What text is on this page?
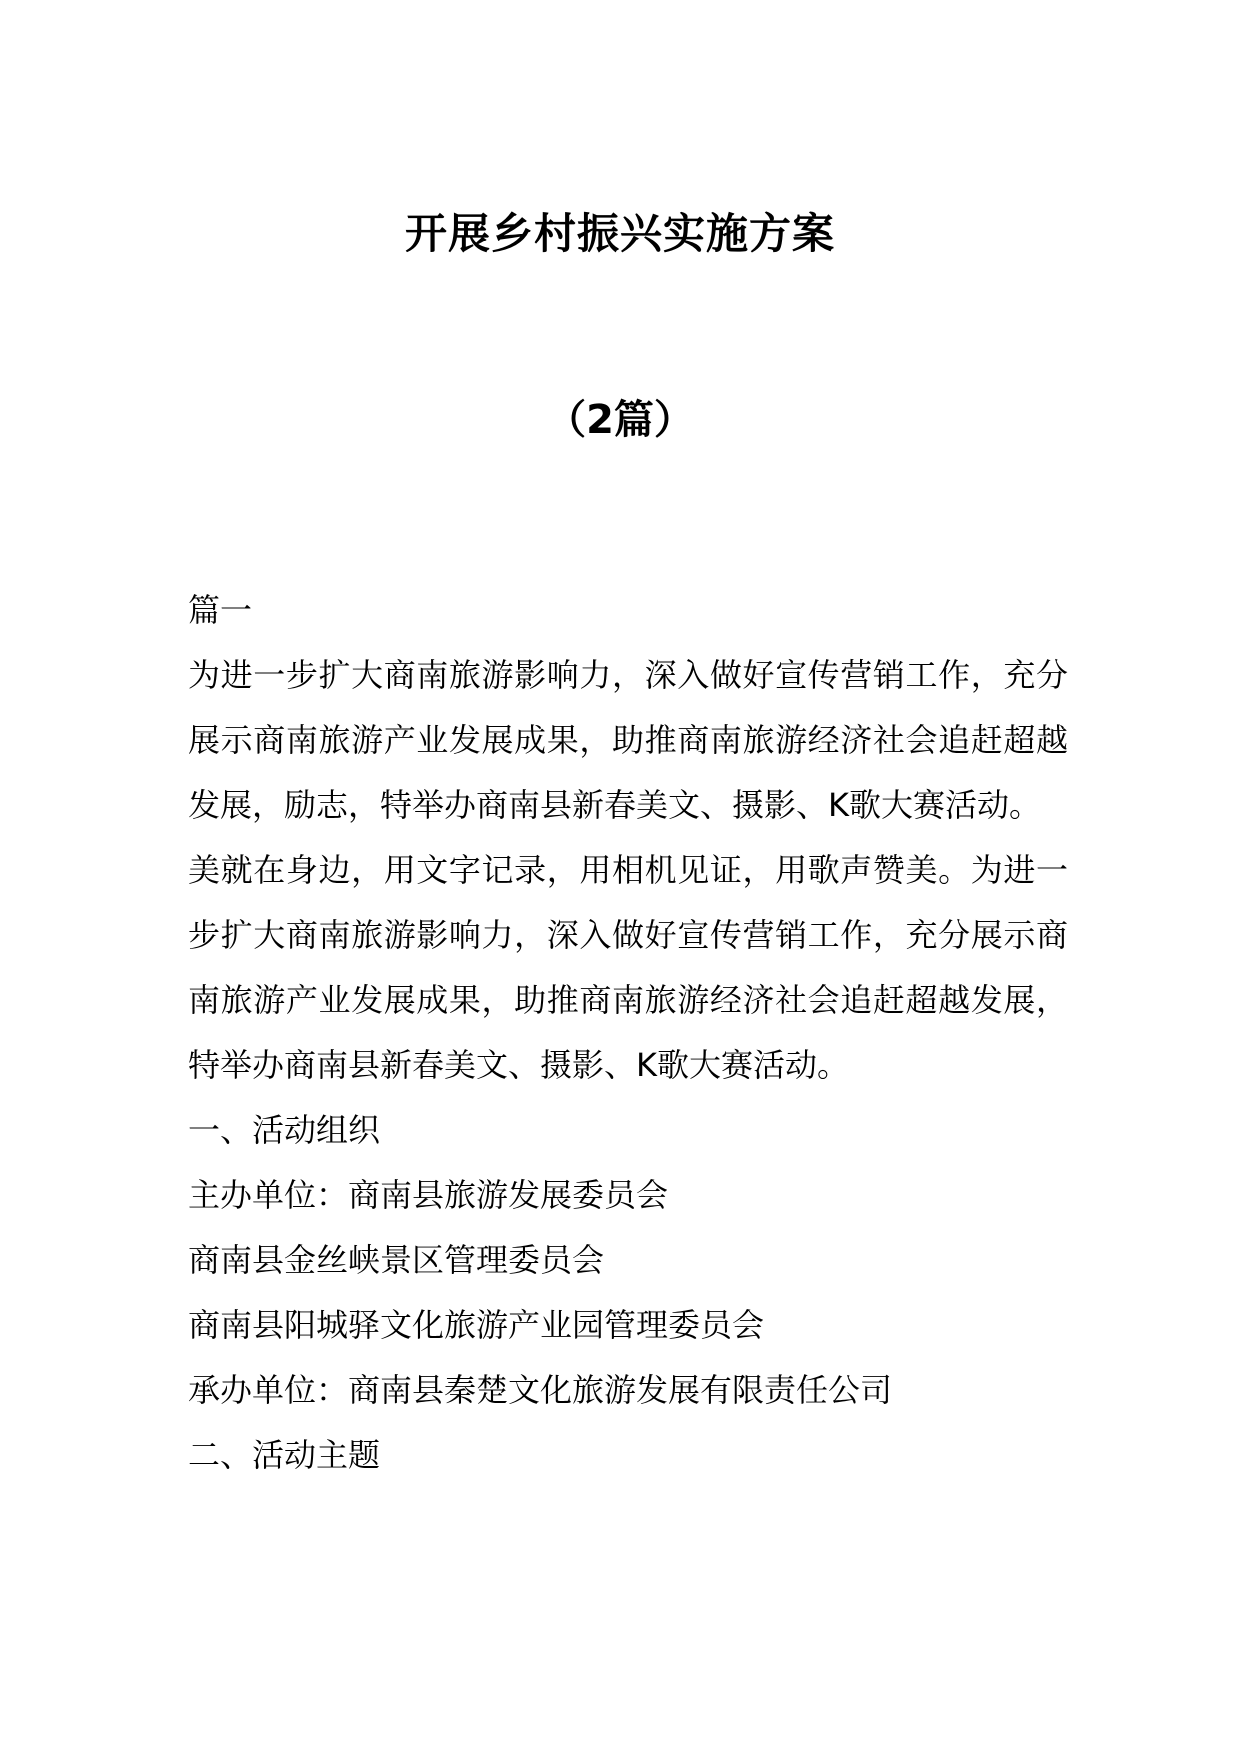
开展乡村振兴实施方案
（2篇）

篇一

为进一步扩大商南旅游影响力，深入做好宣传营销工作，充分展示商南旅游产业发展成果，助推商南旅游经济社会追赶超越发展，励志，特举办商南县新春美文、摄影、K歌大赛活动。

美就在身边，用文字记录，用相机见证，用歌声赞美。为进一步扩大商南旅游影响力，深入做好宣传营销工作，充分展示商南旅游产业发展成果，助推商南旅游经济社会追赶超越发展，特举办商南县新春美文、摄影、K歌大赛活动。

一、活动组织

主办单位：商南县旅游发展委员会

商南县金丝峡景区管理委员会

商南县阳城驿文化旅游产业园管理委员会

承办单位：商南县秦楚文化旅游发展有限责任公司

二、活动主题
